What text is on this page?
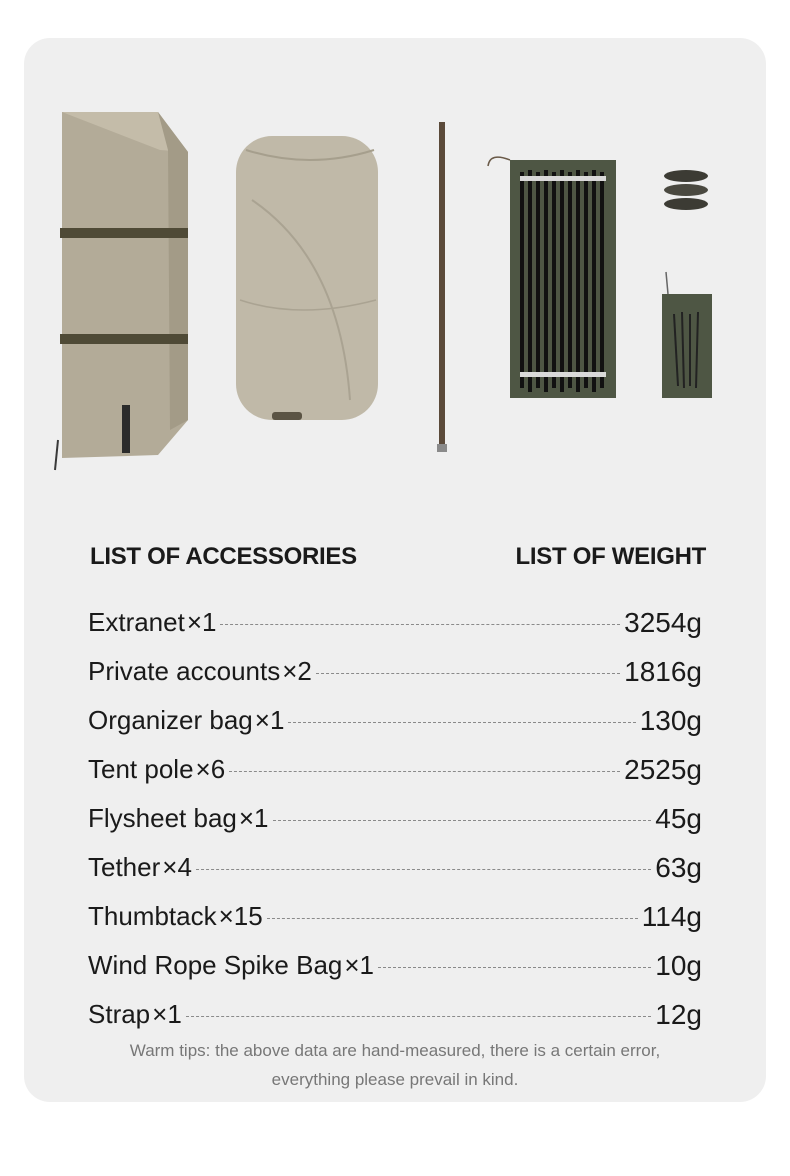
LIST OF ACCESSORIES	LIST OF WEIGHT
Extranet ×1	3254g
Private accounts ×2	1816g
Organizer bag ×1	130g
Tent pole ×6	2525g
Flysheet bag ×1	45g
Tether ×4	63g
Thumbtack ×15	114g
Wind Rope Spike Bag ×1	10g
Strap ×1	12g
Warm tips: the above data are hand-measured, there is a certain error,
everything please prevail in kind.
